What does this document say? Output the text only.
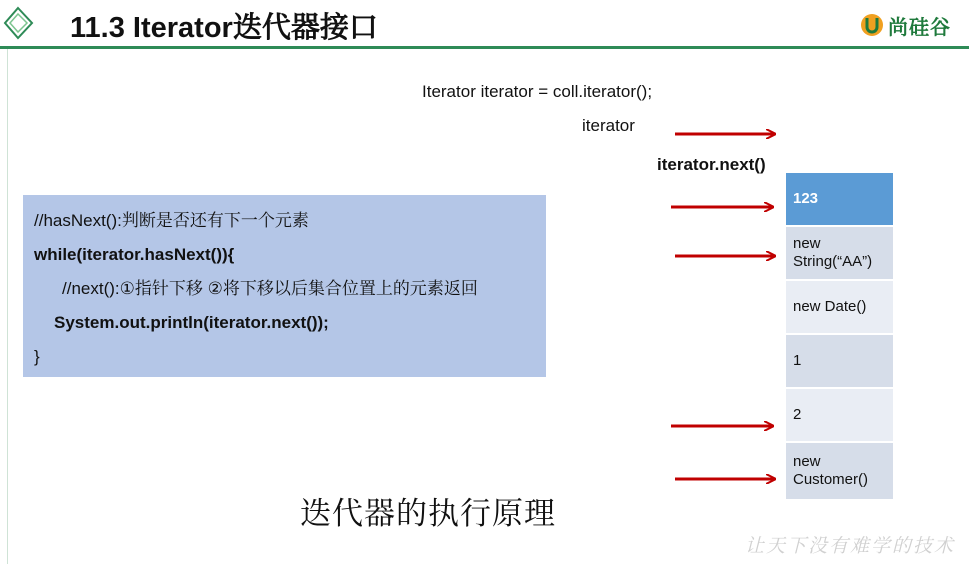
11.3 Iterator迭代器接口	尚硅谷
Iterator iterator = coll.iterator();
iterator
iterator.next()
//hasNext():判断是否还有下一个元素
while(iterator.hasNext()){
//next():①指针下移 ②将下移以后集合位置上的元素返回
System.out.println(iterator.next());
}
123
new
String(“AA”)
new Date()
1
2
new
Customer()
迭代器的执行原理
让天下没有难学的技术
